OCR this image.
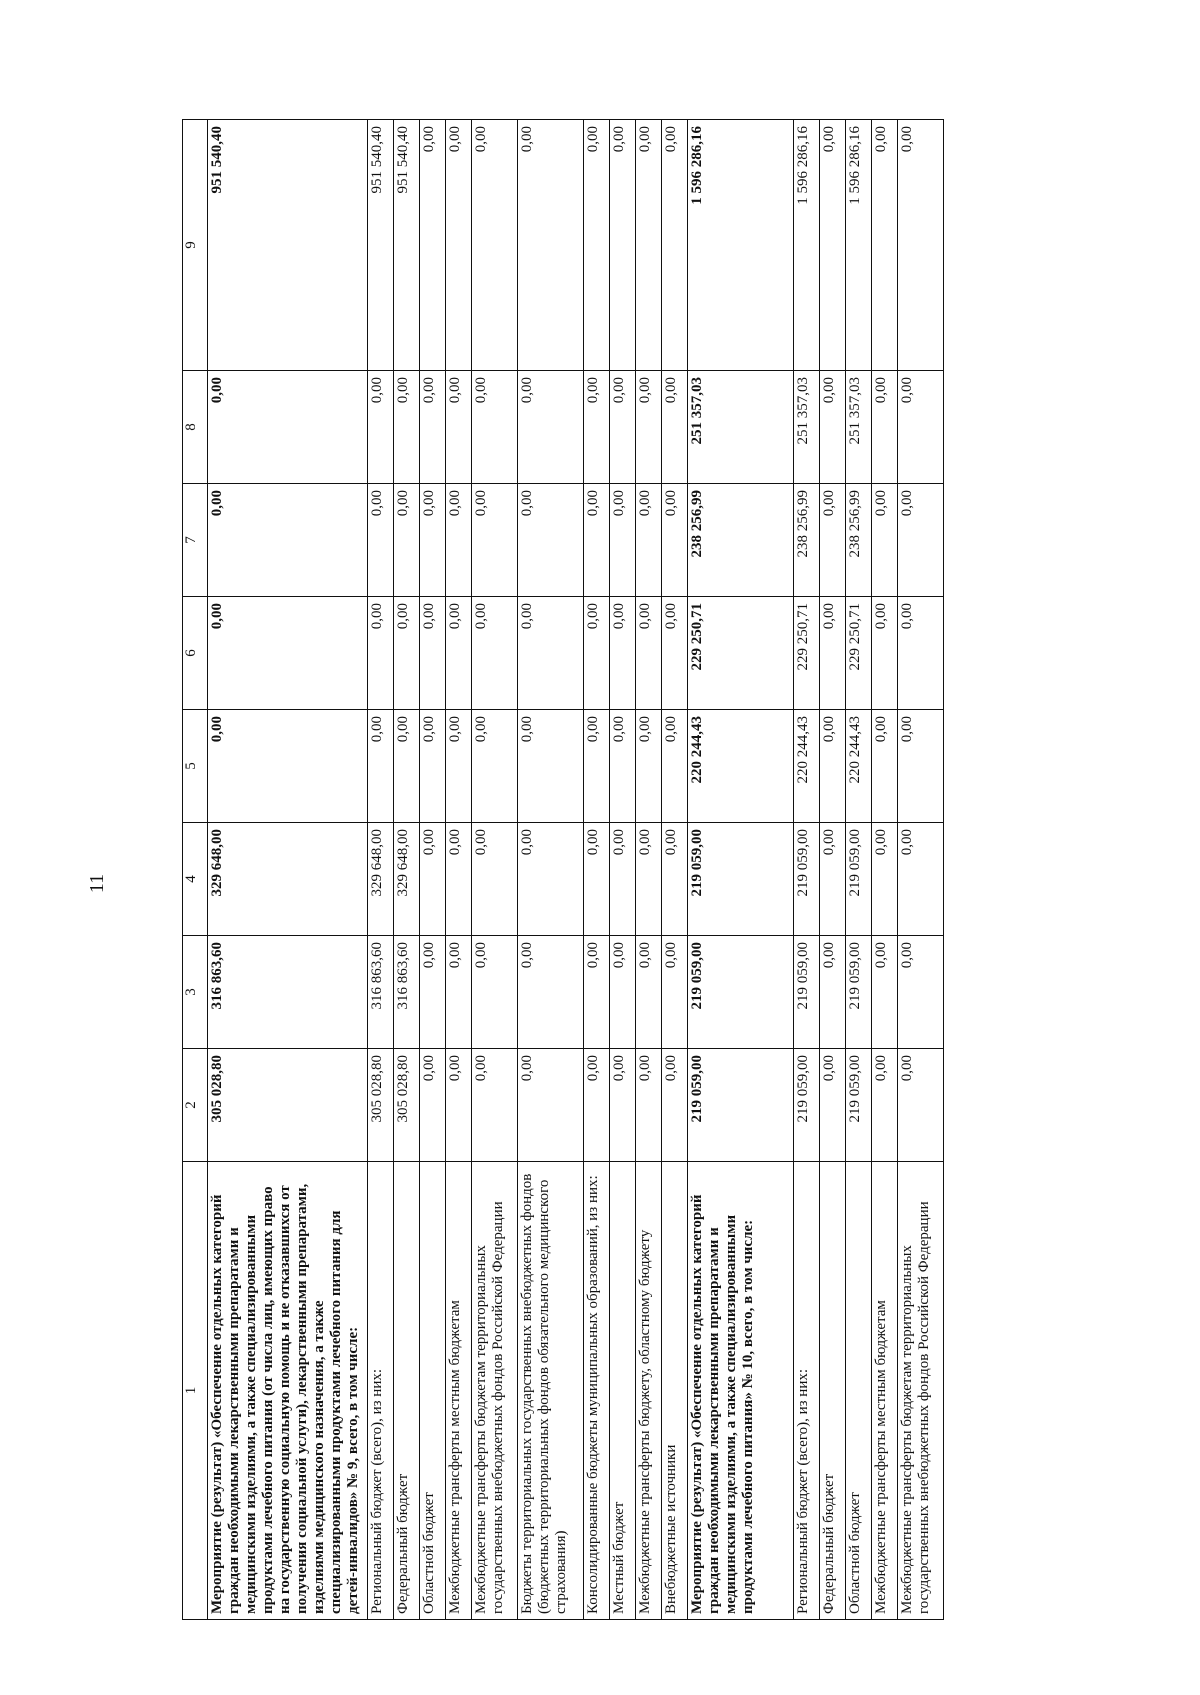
11
1	2	3	4	5	6	7	8	9
Мероприятие (результат) «Обеспечение отдельных категорий граждан необходимыми лекарственными препаратами и медицинскими изделиями, а также специализированными продуктами лечебного питания (от числа лиц, имеющих право на государственную социальную помощь и не отказавшихся от получения социальной услуги), лекарственными препаратами, изделиями медицинского назначения, а также специализированными продуктами лечебного питания для детей-инвалидов» № 9, всего, в том числе:	305 028,80	316 863,60	329 648,00	0,00	0,00	0,00	0,00	951 540,40
Региональный бюджет (всего), из них:	305 028,80	316 863,60	329 648,00	0,00	0,00	0,00	0,00	951 540,40
Федеральный бюджет	305 028,80	316 863,60	329 648,00	0,00	0,00	0,00	0,00	951 540,40
Областной бюджет	0,00	0,00	0,00	0,00	0,00	0,00	0,00	0,00
Межбюджетные трансферты местным бюджетам	0,00	0,00	0,00	0,00	0,00	0,00	0,00	0,00
Межбюджетные трансферты бюджетам территориальных государственных внебюджетных фондов Российской Федерации	0,00	0,00	0,00	0,00	0,00	0,00	0,00	0,00
Бюджеты территориальных государственных внебюджетных фондов (бюджетных территориальных фондов обязательного медицинского страхования)	0,00	0,00	0,00	0,00	0,00	0,00	0,00	0,00
Консолидированные бюджеты муниципальных образований, из них:	0,00	0,00	0,00	0,00	0,00	0,00	0,00	0,00
Местный бюджет	0,00	0,00	0,00	0,00	0,00	0,00	0,00	0,00
Межбюджетные трансферты бюджету, областному бюджету	0,00	0,00	0,00	0,00	0,00	0,00	0,00	0,00
Внебюджетные источники	0,00	0,00	0,00	0,00	0,00	0,00	0,00	0,00
Мероприятие (результат) «Обеспечение отдельных категорий граждан необходимыми лекарственными препаратами и медицинскими изделиями, а также специализированными продуктами лечебного питания» № 10, всего, в том числе:	219 059,00	219 059,00	219 059,00	220 244,43	229 250,71	238 256,99	251 357,03	1 596 286,16
Региональный бюджет (всего), из них:	219 059,00	219 059,00	219 059,00	220 244,43	229 250,71	238 256,99	251 357,03	1 596 286,16
Федеральный бюджет	0,00	0,00	0,00	0,00	0,00	0,00	0,00	0,00
Областной бюджет	219 059,00	219 059,00	219 059,00	220 244,43	229 250,71	238 256,99	251 357,03	1 596 286,16
Межбюджетные трансферты местным бюджетам	0,00	0,00	0,00	0,00	0,00	0,00	0,00	0,00
Межбюджетные трансферты бюджетам территориальных государственных внебюджетных фондов Российской Федерации	0,00	0,00	0,00	0,00	0,00	0,00	0,00	0,00
